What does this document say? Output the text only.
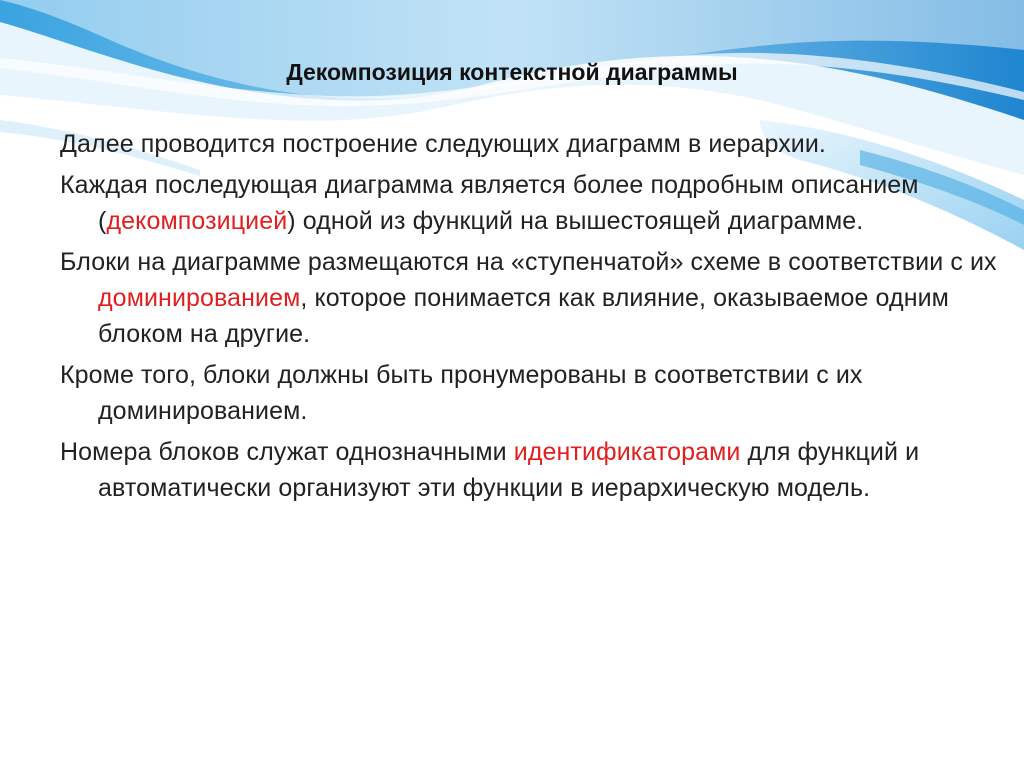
Декомпозиция контекстной диаграммы

Далее проводится построение следующих диаграмм в иерархии.

Каждая последующая диаграмма является более подробным описанием (декомпозицией) одной из функций на вышестоящей диаграмме.

Блоки на диаграмме размещаются на «ступенчатой» схеме в соответствии с их доминированием, которое понимается как влияние, оказываемое одним блоком на другие.

Кроме того, блоки должны быть пронумерованы в соответствии с их доминированием.

Номера блоков служат однозначными идентификаторами для функций и автоматически организуют эти функции в иерархическую модель.
